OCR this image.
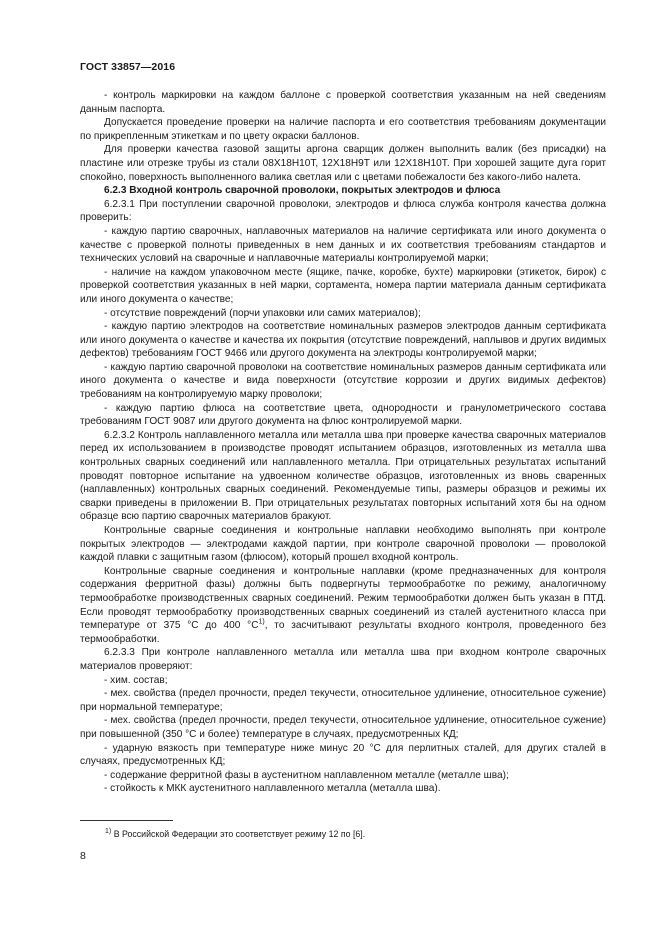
ГОСТ 33857—2016

- контроль маркировки на каждом баллоне с проверкой соответствия указанным на ней сведениям данным паспорта.

Допускается проведение проверки на наличие паспорта и его соответствия требованиям документации по прикрепленным этикеткам и по цвету окраски баллонов.

Для проверки качества газовой защиты аргона сварщик должен выполнить валик (без присадки) на пластине или отрезке трубы из стали 08Х18Н10Т, 12Х18Н9Т или 12Х18Н10Т. При хорошей защите дуга горит спокойно, поверхность выполненного валика светлая или с цветами побежалости без какого-либо налета.

6.2.3 Входной контроль сварочной проволоки, покрытых электродов и флюса

6.2.3.1 При поступлении сварочной проволоки, электродов и флюса служба контроля качества должна проверить:

- каждую партию сварочных, наплавочных материалов на наличие сертификата или иного документа о качестве с проверкой полноты приведенных в нем данных и их соответствия требованиям стандартов и технических условий на сварочные и наплавочные материалы контролируемой марки;

- наличие на каждом упаковочном месте (ящике, пачке, коробке, бухте) маркировки (этикеток, бирок) с проверкой соответствия указанных в ней марки, сортамента, номера партии материала данным сертификата или иного документа о качестве;

- отсутствие повреждений (порчи упаковки или самих материалов);

- каждую партию электродов на соответствие номинальных размеров электродов данным сертификата или иного документа о качестве и качества их покрытия (отсутствие повреждений, наплывов и других видимых дефектов) требованиям ГОСТ 9466 или другого документа на электроды контролируемой марки;

- каждую партию сварочной проволоки на соответствие номинальных размеров данным сертификата или иного документа о качестве и вида поверхности (отсутствие коррозии и других видимых дефектов) требованиям на контролируемую марку проволоки;

- каждую партию флюса на соответствие цвета, однородности и гранулометрического состава требованиям ГОСТ 9087 или другого документа на флюс контролируемой марки.

6.2.3.2 Контроль наплавленного металла или металла шва при проверке качества сварочных материалов перед их использованием в производстве проводят испытанием образцов, изготовленных из металла шва контрольных сварных соединений или наплавленного металла. При отрицательных результатах испытаний проводят повторное испытание на удвоенном количестве образцов, изготовленных из вновь сваренных (наплавленных) контрольных сварных соединений. Рекомендуемые типы, размеры образцов и режимы их сварки приведены в приложении В. При отрицательных результатах повторных испытаний хотя бы на одном образце всю партию сварочных материалов бракуют.

Контрольные сварные соединения и контрольные наплавки необходимо выполнять при контроле покрытых электродов — электродами каждой партии, при контроле сварочной проволоки — проволокой каждой плавки с защитным газом (флюсом), который прошел входной контроль.

Контрольные сварные соединения и контрольные наплавки (кроме предназначенных для контроля содержания ферритной фазы) должны быть подвергнуты термообработке по режиму, аналогичному термообработке производственных сварных соединений. Режим термообработки должен быть указан в ПТД. Если проводят термообработку производственных сварных соединений из сталей аустенитного класса при температуре от 375 °С до 400 $^\circ С^{1)}$, то засчитывают результаты входного контроля, проведенного без термообработки.

6.2.3.3 При контроле наплавленного металла или металла шва при входном контроле сварочных материалов проверяют:

- хим. состав;

- мех. свойства (предел прочности, предел текучести, относительное удлинение, относительное сужение) при нормальной температуре;

- мех. свойства (предел прочности, предел текучести, относительное удлинение, относительное сужение) при повышенной (350 °С и более) температуре в случаях, предусмотренных КД;

- ударную вязкость при температуре ниже минус 20 °С для перлитных сталей, для других сталей в случаях, предусмотренных КД;

- содержание ферритной фазы в аустенитном наплавленном металле (металле шва);

- стойкость к МКК аустенитного наплавленного металла (металла шва).

$^{1)}$ В Российской Федерации это соответствует режиму 12 по [6].
8
